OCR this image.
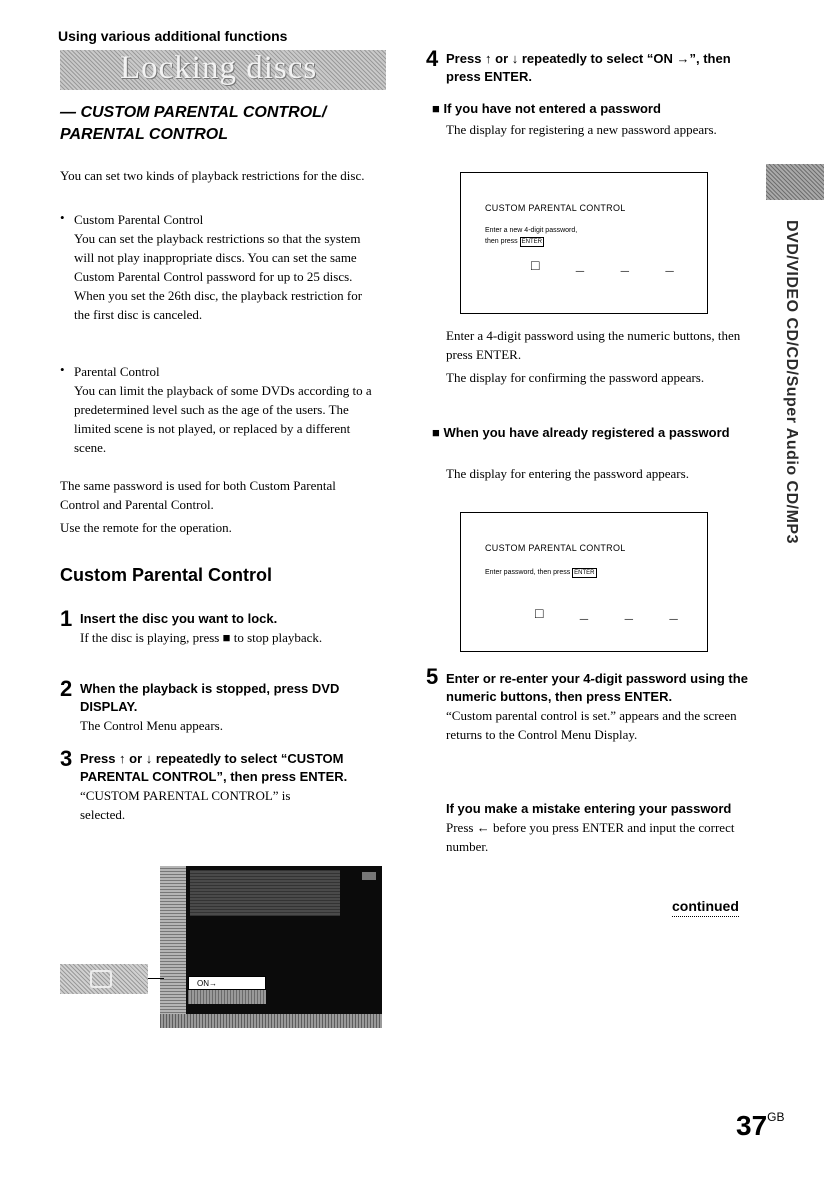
Using various additional functions
Locking discs
— CUSTOM PARENTAL CONTROL/
PARENTAL CONTROL

You can set two kinds of playback restrictions for the disc.

• Custom Parental Control

You can set the playback restrictions so that the system will not play inappropriate discs. You can set the same Custom Parental Control password for up to 25 discs. When you set the 26th disc, the playback restriction for the first disc is canceled.

• Parental Control

You can limit the playback of some DVDs according to a predetermined level such as the age of the users. The limited scene is not played, or replaced by a different scene.

The same password is used for both Custom Parental Control and Parental Control.

Use the remote for the operation.

Custom Parental Control
1 Insert the disc you want to lock.

If the disc is playing, press ■ to stop playback.

2 When the playback is stopped, press DVD DISPLAY.

The Control Menu appears.

3 Press ↑ or ↓ repeatedly to select “CUSTOM PARENTAL CONTROL”, then press ENTER.

“CUSTOM PARENTAL CONTROL” is selected.

ON→
4 Press ↑ or ↓ repeatedly to select “ON →”, then press ENTER.

■ If you have not entered a password

The display for registering a new password appears.

CUSTOM PARENTAL CONTROL
Enter a new 4-digit password,
then press ENTER
□ _ _ _

Enter a 4-digit password using the numeric buttons, then press ENTER.

The display for confirming the password appears.

■ When you have already registered a password

The display for entering the password appears.

CUSTOM PARENTAL CONTROL
Enter password, then press ENTER
□ _ _ _
5 Enter or re-enter your 4-digit password using the numeric buttons, then press ENTER.

“Custom parental control is set.” appears and the screen returns to the Control Menu Display.

If you make a mistake entering your password

Press ← before you press ENTER and input the correct number.

continued
DVD/VIDEO CD/CD/Super Audio CD/MP3
$37^{GB}$
